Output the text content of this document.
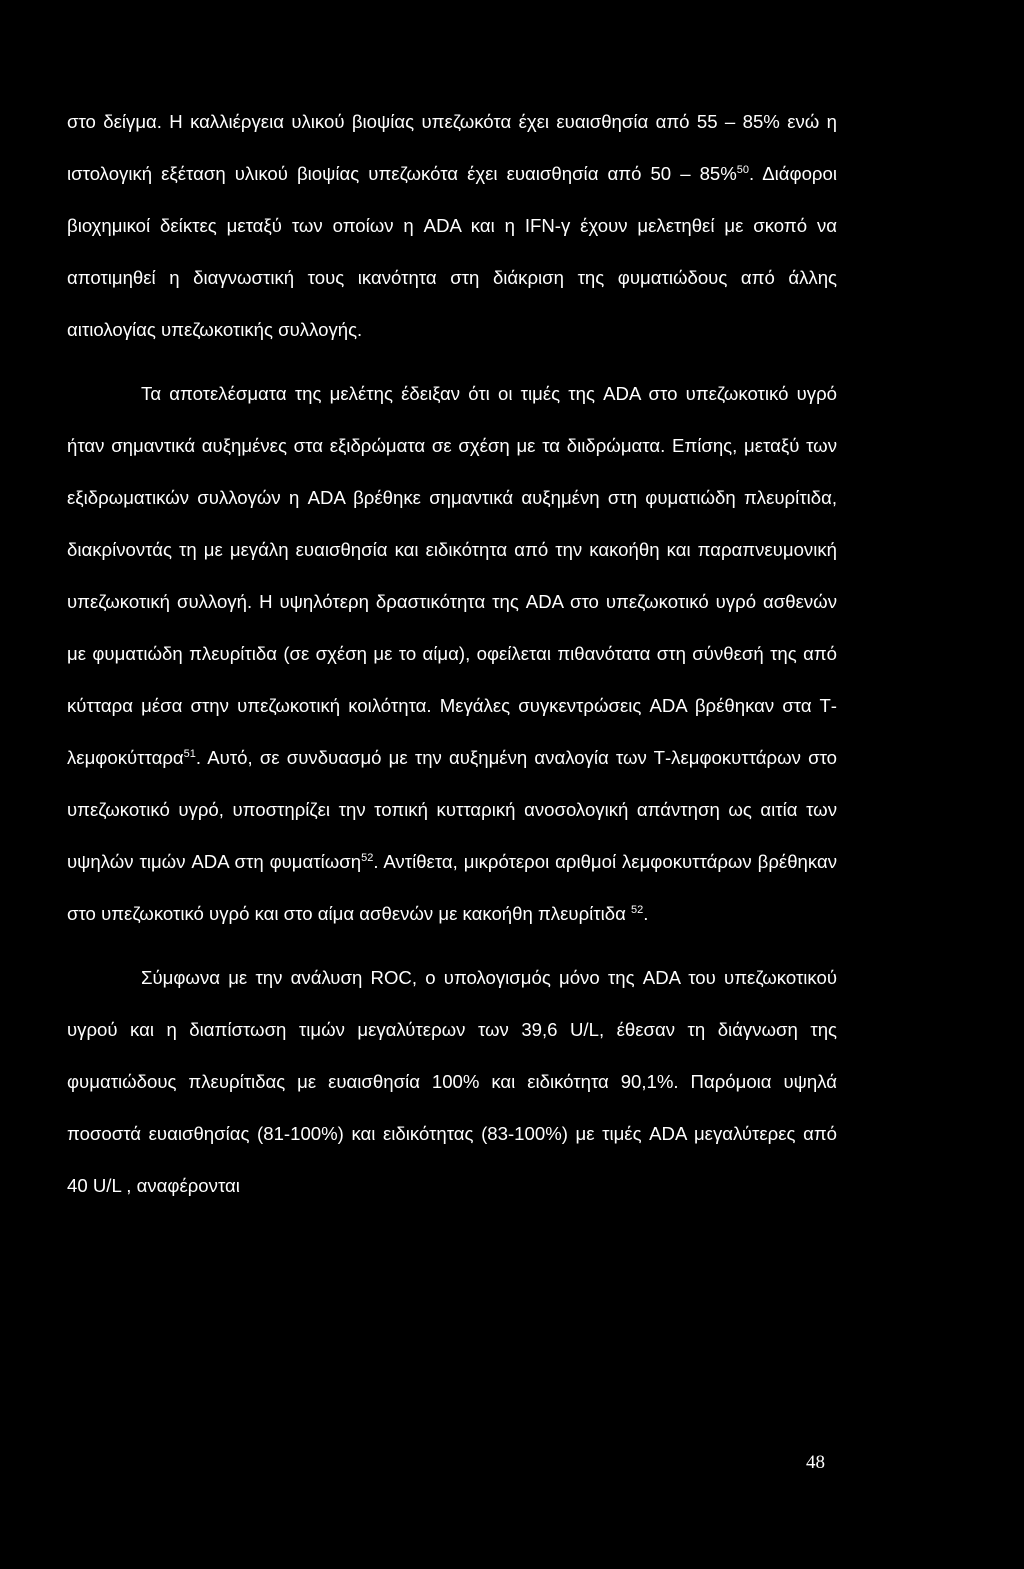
στο δείγμα. Η καλλιέργεια υλικού βιοψίας υπεζωκότα έχει ευαισθησία από 55 – 85% ενώ η ιστολογική εξέταση υλικού βιοψίας υπεζωκότα έχει ευαισθησία από 50 – 85%$^{50}$. Διάφοροι βιοχημικοί δείκτες μεταξύ των οποίων η ADA και η IFN-γ έχουν μελετηθεί με σκοπό να αποτιμηθεί η διαγνωστική τους ικανότητα στη διάκριση της φυματιώδους από άλλης αιτιολογίας υπεζωκοτικής συλλογής.

Τα αποτελέσματα της μελέτης έδειξαν ότι οι τιμές της ADA στο υπεζωκοτικό υγρό ήταν σημαντικά αυξημένες στα εξιδρώματα σε σχέση με τα διιδρώματα. Επίσης, μεταξύ των εξιδρωματικών συλλογών η ADA βρέθηκε σημαντικά αυξημένη στη φυματιώδη πλευρίτιδα, διακρίνοντάς τη με μεγάλη ευαισθησία και ειδικότητα από την κακοήθη και παραπνευμονική υπεζωκοτική συλλογή. Η υψηλότερη δραστικότητα της ADA στο υπεζωκοτικό υγρό ασθενών με φυματιώδη πλευρίτιδα (σε σχέση με το αίμα), οφείλεται πιθανότατα στη σύνθεσή της από κύτταρα μέσα στην υπεζωκοτική κοιλότητα. Μεγάλες συγκεντρώσεις ADA βρέθηκαν στα Τ-λεμφοκύτταρα$^{51}$. Αυτό, σε συνδυασμό με την αυξημένη αναλογία των Τ-λεμφοκυττάρων στο υπεζωκοτικό υγρό, υποστηρίζει την τοπική κυτταρική ανοσολογική απάντηση ως αιτία των υψηλών τιμών ADA στη φυματίωση$^{52}$. Αντίθετα, μικρότεροι αριθμοί λεμφοκυττάρων βρέθηκαν στο υπεζωκοτικό υγρό και στο αίμα ασθενών με κακοήθη πλευρίτιδα $^{52}$.

Σύμφωνα με την ανάλυση ROC, ο υπολογισμός μόνο της ADA του υπεζωκοτικού υγρού και η διαπίστωση τιμών μεγαλύτερων των 39,6 U/L, έθεσαν τη διάγνωση της φυματιώδους πλευρίτιδας με ευαισθησία 100% και ειδικότητα 90,1%. Παρόμοια υψηλά ποσοστά ευαισθησίας (81-100%) και ειδικότητας (83-100%) με τιμές ADA μεγαλύτερες από 40 U/L , αναφέρονται

48
